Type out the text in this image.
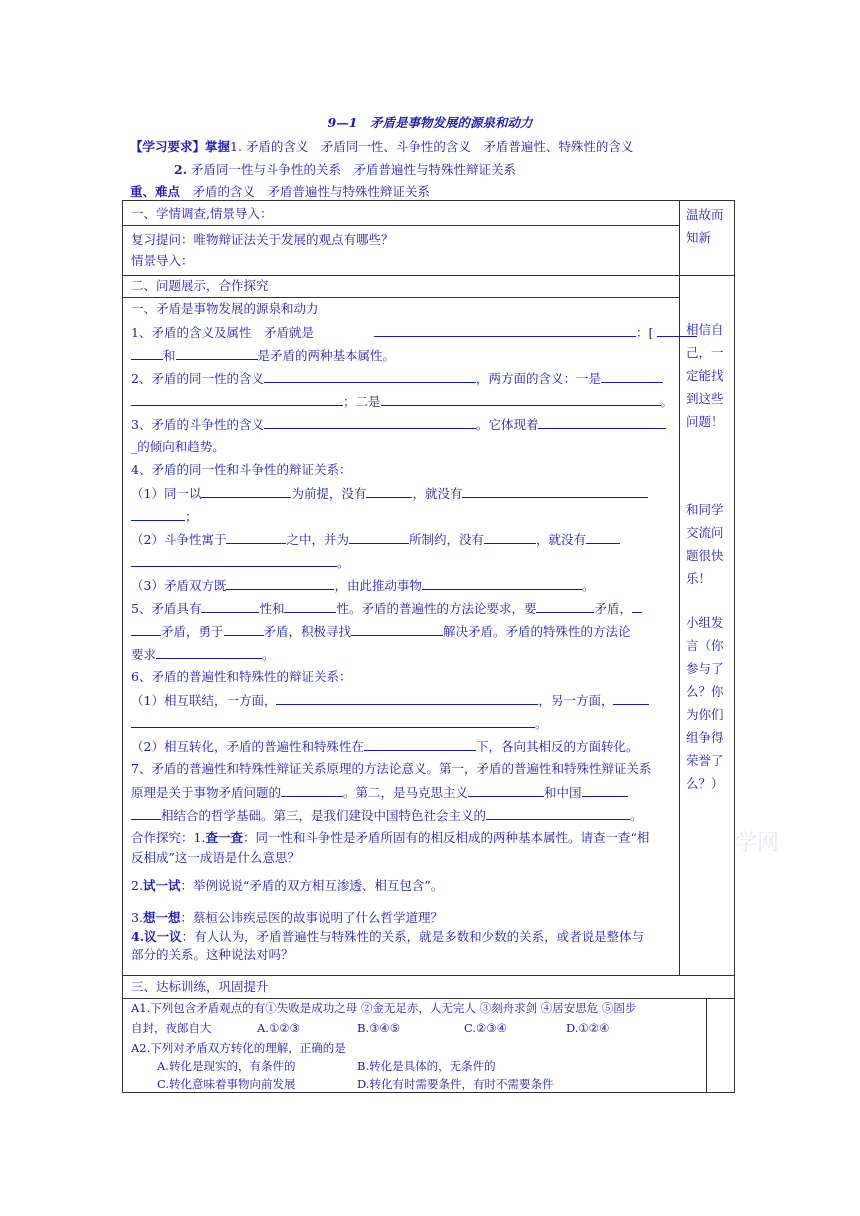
9—1　矛盾是事物发展的源泉和动力
【学习要求】掌握1. 矛盾的含义　矛盾同一性、斗争性的含义　矛盾普遍性、特殊性的含义
2. 矛盾同一性与斗争性的关系　矛盾普遍性与特殊性辩证关系
重、难点　 矛盾的含义　矛盾普遍性与特殊性辩证关系
一、学情调查,情景导入：
复习提问：唯物辩证法关于发展的观点有哪些？
情景导入：
温故而知新
二、问题展示，合作探究
一、矛盾是事物发展的源泉和动力
1、矛盾的含义及属性　矛盾就是	：[
和	是矛盾的两种基本属性。
2、矛盾的同一性的含义	，两方面的含义：一是
；二是	。
3、矛盾的斗争性的含义	。它体现着
_的倾向和趋势。
4、矛盾的同一性和斗争性的辩证关系：
（1）同一以	为前提，没有	，就没有
；
（2）斗争性寓于	之中，并为	所制约，没有	，就没有
。
（3）矛盾双方既	，由此推动事物	。
5、矛盾具有	性和	性。矛盾的普遍性的方法论要求，要	矛盾，
矛盾，勇于	矛盾，积极寻找	解决矛盾。矛盾的特殊性的方法论
要求	。
6、矛盾的普遍性和特殊性的辩证关系：
（1）相互联结，一方面，	，另一方面，
。
（2）相互转化，矛盾的普遍性和特殊性在	下，各向其相反的方面转化。
7、矛盾的普遍性和特殊性辩证关系原理的方法论意义。第一，矛盾的普遍性和特殊性辩证关系
原理是关于事物矛盾问题的	。第二，是马克思主义	和中国
相结合的哲学基础。第三，是我们建设中国特色社会主义的	。
合作探究：1.查一查：同一性和斗争性是矛盾所固有的相反相成的两种基本属性。请查一查“相
反相成”这一成语是什么意思？
学网
2.试一试：举例说说“矛盾的双方相互渗透、相互包含”。
3.想一想：蔡桓公讳疾忌医的故事说明了什么哲学道理？
4.议一议：有人认为，矛盾普遍性与特殊性的关系，就是多数和少数的关系，或者说是整体与
部分的关系。这种说法对吗？
相信自己，一定能找到这些问题！
和同学交流问题很快乐！
小组发言（你参与了么？你为你们组争得荣誉了么？）
三、达标训练，巩固提升
A1.下列包含矛盾观点的有①失败是成功之母 ②金无足赤，人无完人 ③刻舟求剑 ④居安思危 ⑤固步
自封，夜郎自大	A.①②③	B.③④⑤	C.②③④	D.①②④
A2.下列对矛盾双方转化的理解，正确的是
A.转化是现实的，有条件的	B.转化是具体的，无条件的
C.转化意味着事物向前发展	D.转化有时需要条件，有时不需要条件
